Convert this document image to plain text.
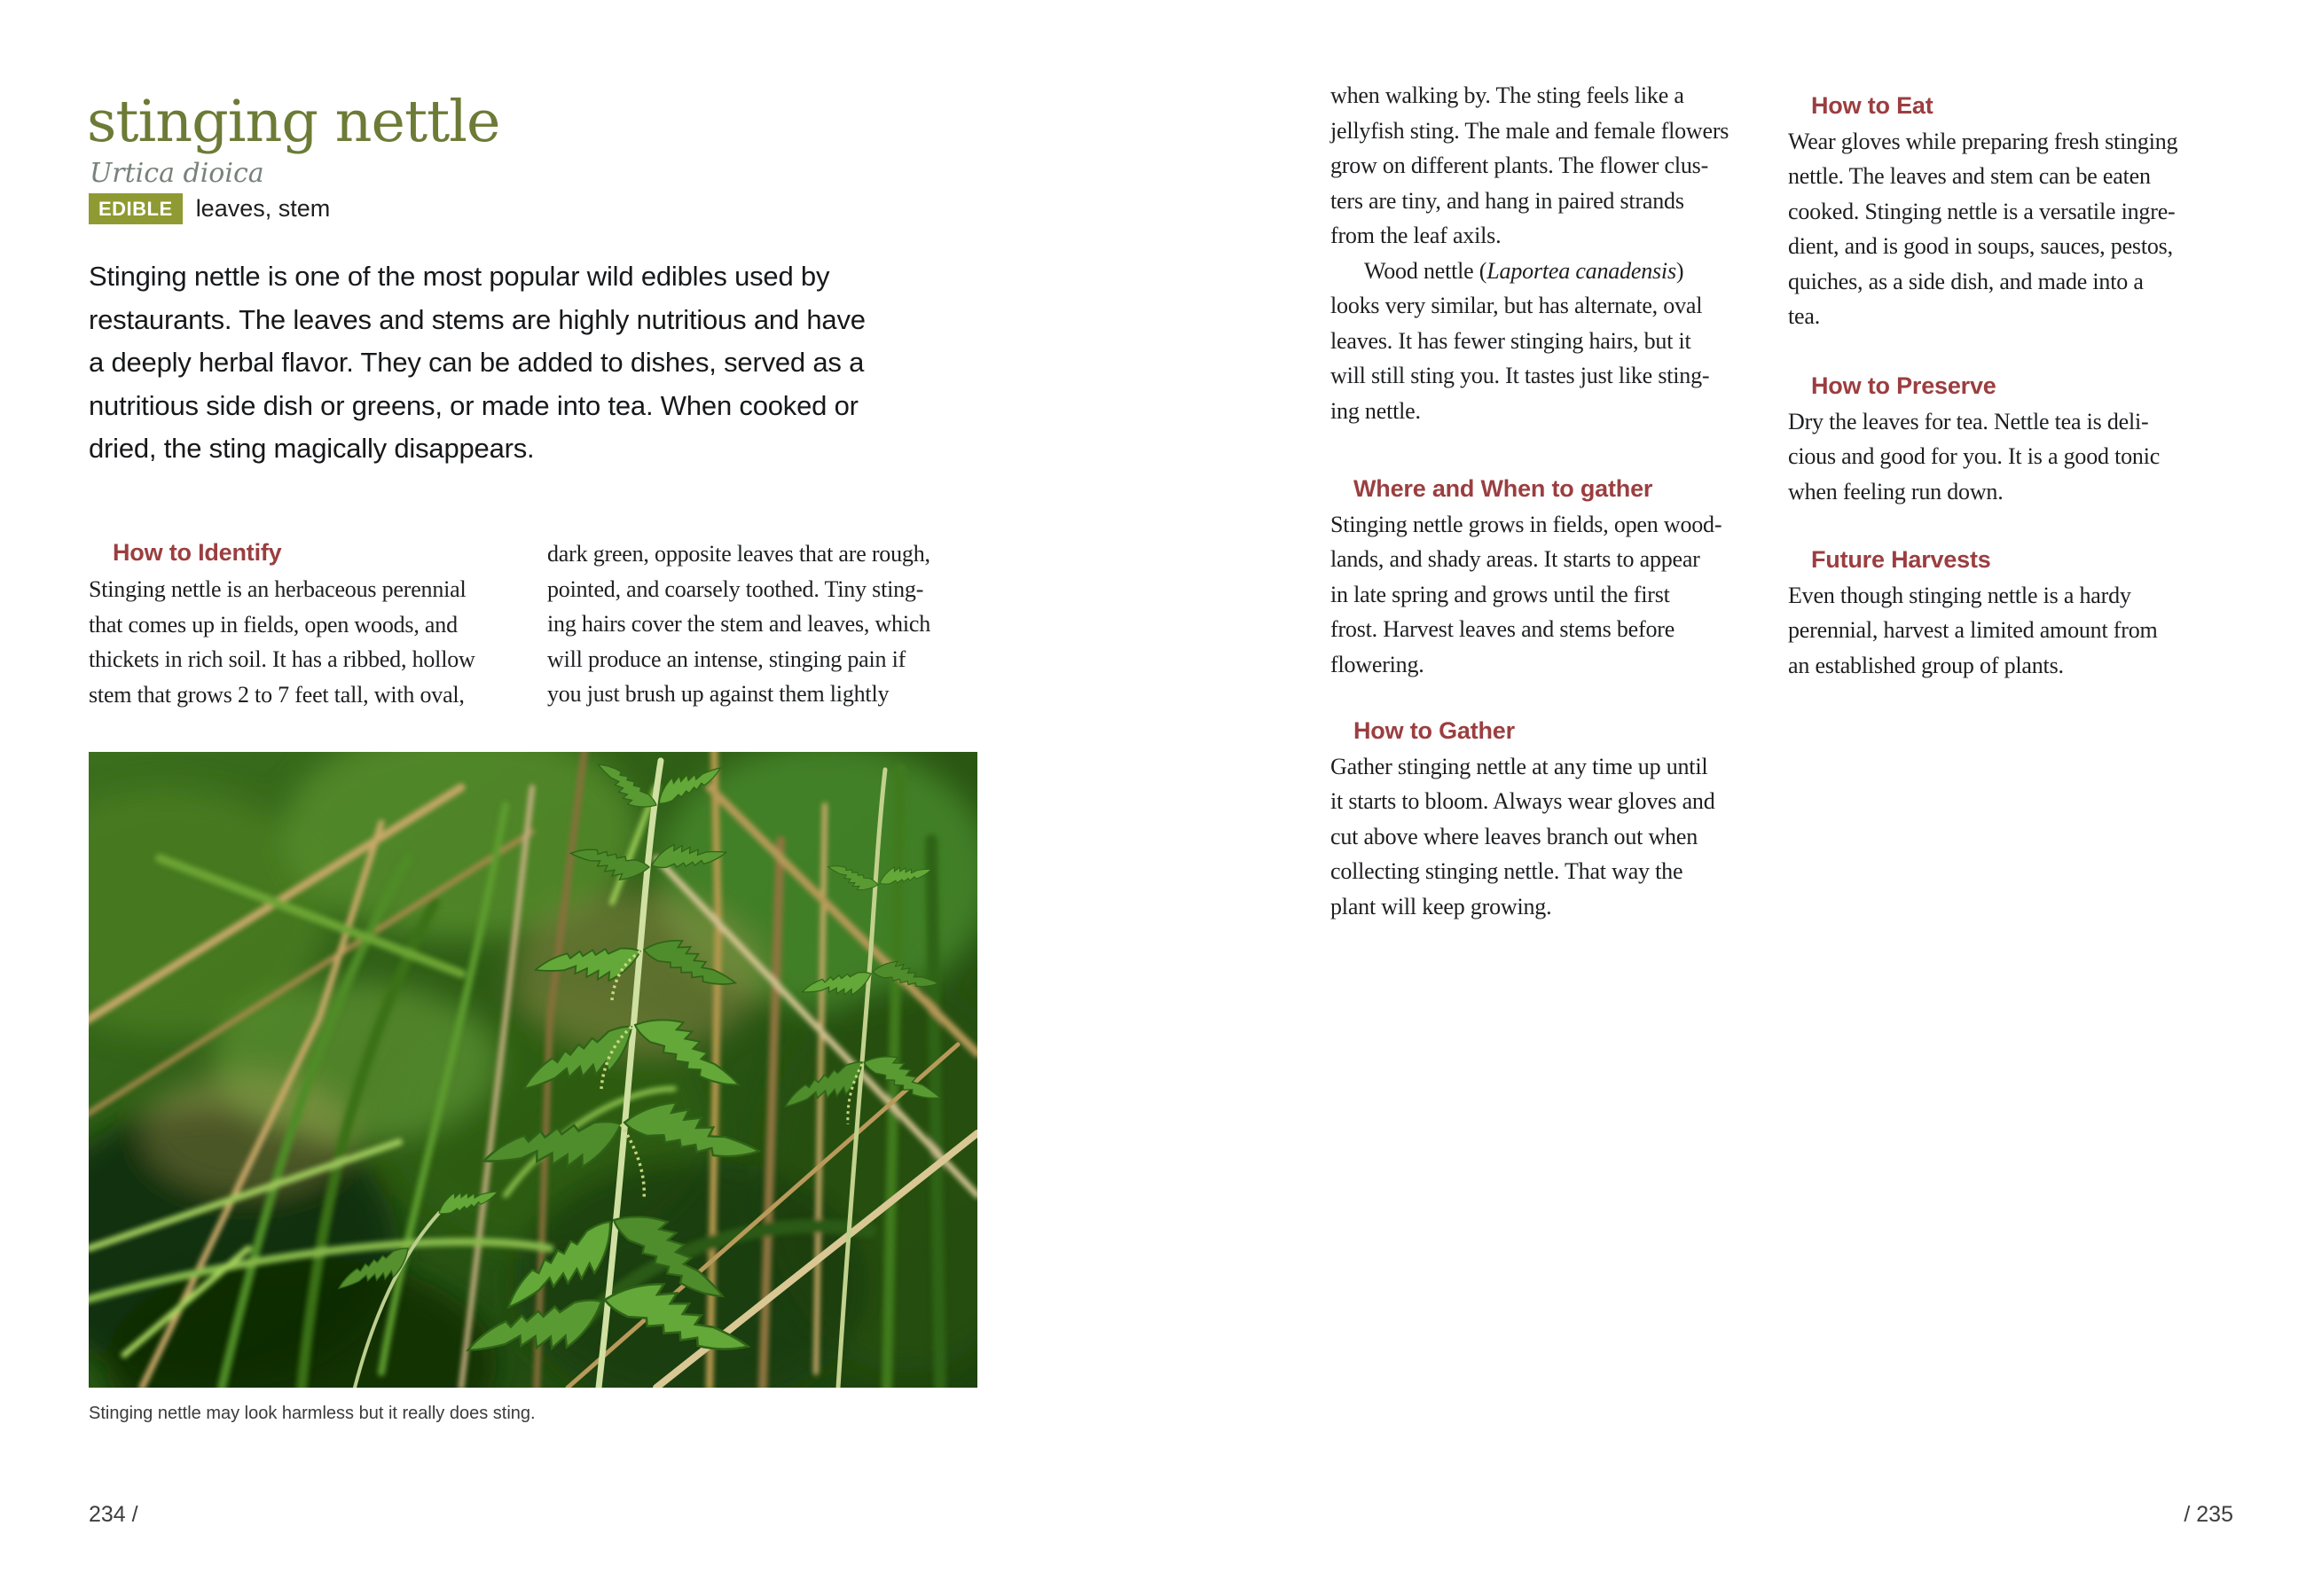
stinging nettle
Urtica dioica
EDIBLE leaves, stem
Stinging nettle is one of the most popular wild edibles used by
restaurants. The leaves and stems are highly nutritious and have
a deeply herbal flavor. They can be added to dishes, served as a
nutritious side dish or greens, or made into tea. When cooked or
dried, the sting magically disappears.
How to Identify
Stinging nettle is an herbaceous perennial
that comes up in fields, open woods, and
thickets in rich soil. It has a ribbed, hollow
stem that grows 2 to 7 feet tall, with oval,
dark green, opposite leaves that are rough,
pointed, and coarsely toothed. Tiny sting-
ing hairs cover the stem and leaves, which
will produce an intense, stinging pain if
you just brush up against them lightly
Stinging nettle may look harmless but it really does sting.
234 /
when walking by. The sting feels like a
jellyfish sting. The male and female flowers
grow on different plants. The flower clus-
ters are tiny, and hang in paired strands
from the leaf axils.
Wood nettle (Laportea canadensis)
looks very similar, but has alternate, oval
leaves. It has fewer stinging hairs, but it
will still sting you. It tastes just like sting-
ing nettle.
Where and When to gather
Stinging nettle grows in fields, open wood-
lands, and shady areas. It starts to appear
in late spring and grows until the first
frost. Harvest leaves and stems before
flowering.
How to Gather
Gather stinging nettle at any time up until
it starts to bloom. Always wear gloves and
cut above where leaves branch out when
collecting stinging nettle. That way the
plant will keep growing.
How to Eat
Wear gloves while preparing fresh stinging
nettle. The leaves and stem can be eaten
cooked. Stinging nettle is a versatile ingre-
dient, and is good in soups, sauces, pestos,
quiches, as a side dish, and made into a
tea.
How to Preserve
Dry the leaves for tea. Nettle tea is deli-
cious and good for you. It is a good tonic
when feeling run down.
Future Harvests
Even though stinging nettle is a hardy
perennial, harvest a limited amount from
an established group of plants.
/ 235
